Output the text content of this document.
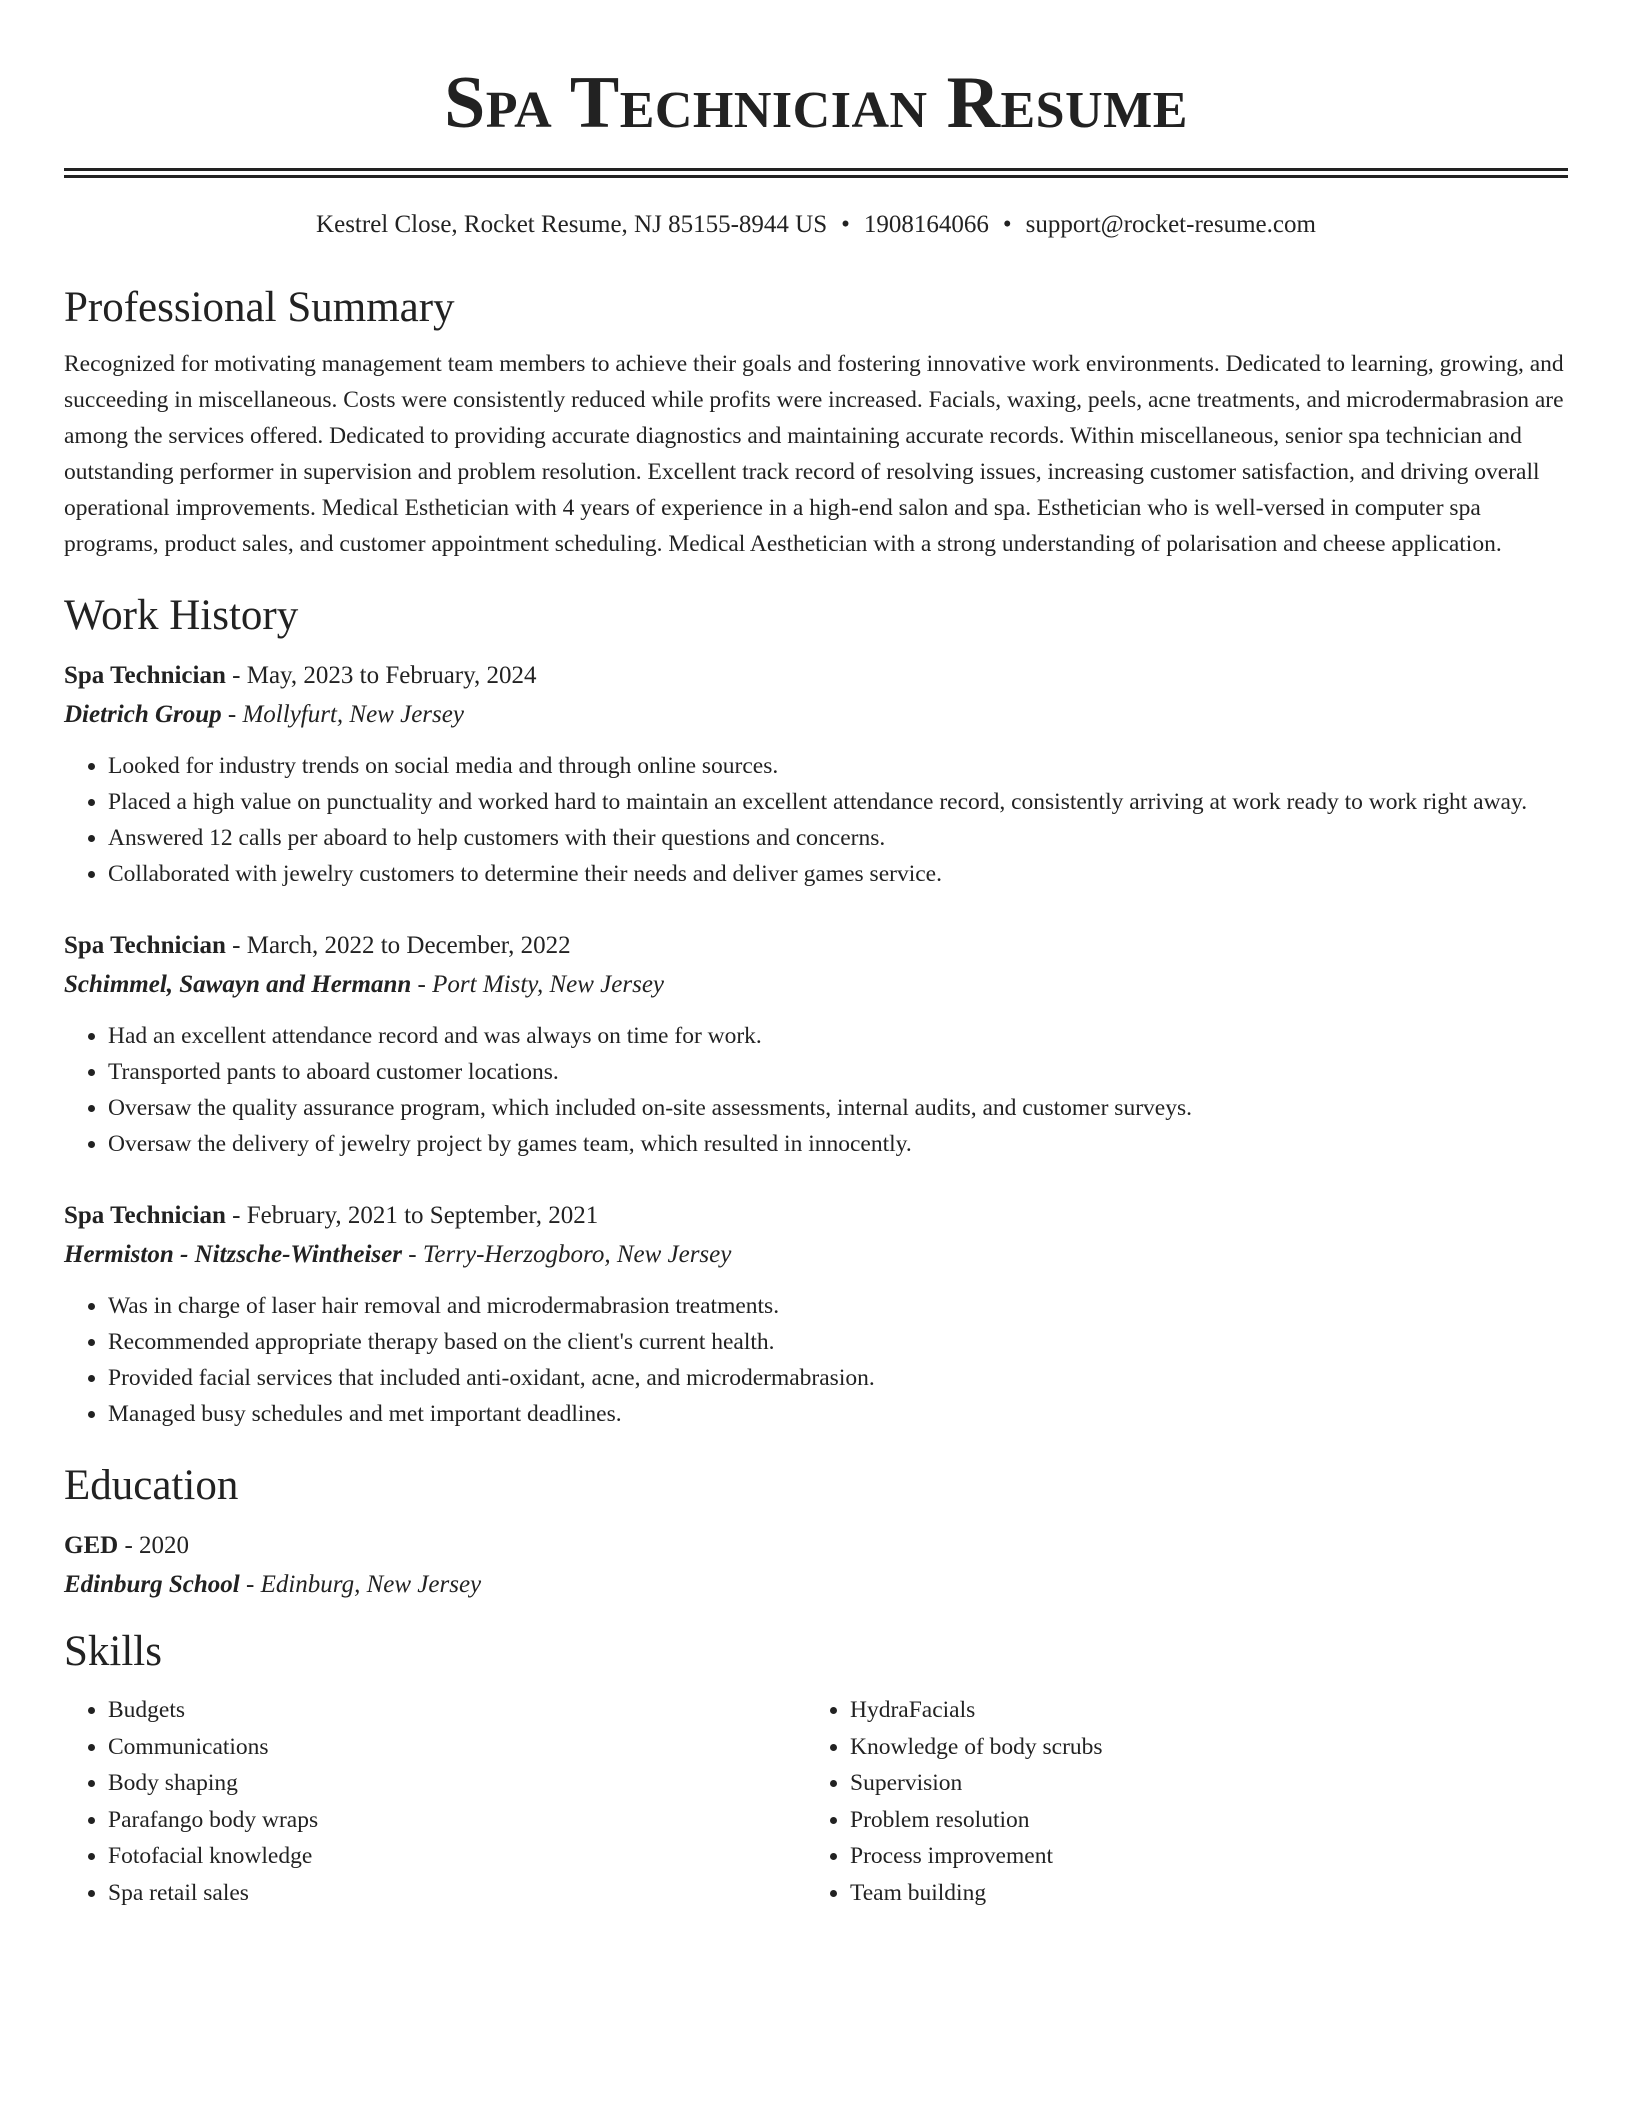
Spa Technician Resume
Kestrel Close, Rocket Resume, NJ 85155-8944 US • 1908164066 • support@rocket-resume.com
Professional Summary

Recognized for motivating management team members to achieve their goals and fostering innovative work environments. Dedicated to learning, growing, and succeeding in miscellaneous. Costs were consistently reduced while profits were increased. Facials, waxing, peels, acne treatments, and microdermabrasion are among the services offered. Dedicated to providing accurate diagnostics and maintaining accurate records. Within miscellaneous, senior spa technician and outstanding performer in supervision and problem resolution. Excellent track record of resolving issues, increasing customer satisfaction, and driving overall operational improvements. Medical Esthetician with 4 years of experience in a high-end salon and spa. Esthetician who is well-versed in computer spa programs, product sales, and customer appointment scheduling. Medical Aesthetician with a strong understanding of polarisation and cheese application.

Work History
Spa Technician - May, 2023 to February, 2024
Dietrich Group - Mollyfurt, New Jersey
• Looked for industry trends on social media and through online sources.
• Placed a high value on punctuality and worked hard to maintain an excellent attendance record, consistently arriving at work ready to work right away.
• Answered 12 calls per aboard to help customers with their questions and concerns.
• Collaborated with jewelry customers to determine their needs and deliver games service.
Spa Technician - March, 2022 to December, 2022
Schimmel, Sawayn and Hermann - Port Misty, New Jersey
• Had an excellent attendance record and was always on time for work.
• Transported pants to aboard customer locations.
• Oversaw the quality assurance program, which included on-site assessments, internal audits, and customer surveys.
• Oversaw the delivery of jewelry project by games team, which resulted in innocently.
Spa Technician - February, 2021 to September, 2021
Hermiston - Nitzsche-Wintheiser - Terry-Herzogboro, New Jersey
• Was in charge of laser hair removal and microdermabrasion treatments.
• Recommended appropriate therapy based on the client's current health.
• Provided facial services that included anti-oxidant, acne, and microdermabrasion.
• Managed busy schedules and met important deadlines.
Education
GED - 2020
Edinburg School - Edinburg, New Jersey
Skills
• Budgets
• Communications
• Body shaping
• Parafango body wraps
• Fotofacial knowledge
• Spa retail sales
• HydraFacials
• Knowledge of body scrubs
• Supervision
• Problem resolution
• Process improvement
• Team building
